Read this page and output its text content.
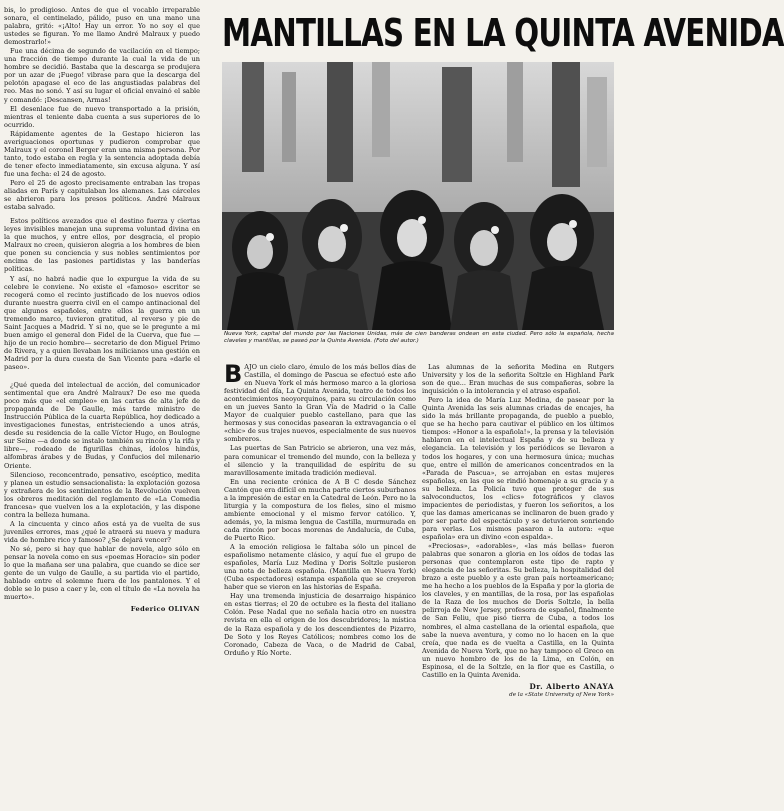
bis, lo prodigioso. Antes de que el vocablo irreparable sonara, el centinelado, pálido, puso en una mano una palabra, gritó: «¡Alto! Hay un error. Yo no soy el que ustedes se figuran. Yo me llamo André Malraux y puedo demostrarlo!»

Fue una décima de segundo de vacilación en el tiempo; una fracción de tiempo durante la cual la vida de un hombre se decidió. Bastaba que la descarga se produjera por un azar de ¡Fuego! vibrase para que la descarga del pelotón apagase el eco de las angustiadas palabras del reo. Mas no sonó. Y así su lugar el oficial envainó el sable y comandó: ¡Descansen, Armas!

El desenlace fue de nuevo transportado a la prisión, mientras el teniente daba cuenta a sus superiores de lo ocurrido.

Rápidamente agentes de la Gestapo hicieron las averiguaciones oportunas y pudieron comprobar que Malraux y el coronel Berger eran una misma persona. Por tanto, todo estaba en regla y la sentencia adoptada debía de tener efecto inmediatamente, sin excusa alguna. Y así fue una fecha: el 24 de agosto.

Pero el 25 de agosto precisamente entraban las tropas aliadas en París y capitulaban los alemanes. Las cárceles se abrieron para los presos políticos. André Malraux estaba salvado.

Estos políticos avezados que el destino fuerza y ciertas leyes invisibles manejan una suprema voluntad divina en la que muchos, y entre ellos, por desgracia, el propio Malraux no creen, quisieron alegria a los hombres de bien que ponen su conciencia y sus nobles sentimientos por encima de las pasiones partidistas y las banderías políticas.

Y así, no habrá nadie que lo expurgue la vida de su celebre le conviene. No existe el «famoso» escritor se recogerá como el recinto justificado de los nuevos odios durante nuestra guerra civil en el campo antinacional del que algunos españoles, entre ellos la guerra en un tremendo marco, tuvieron gratitud, al reverso y pie de Saint Jacques a Madrid. Y si no, que se le pregunte a mi buen amigo el general don Fidel de la Cuerva, que fue —hijo de un recio hombre— secretario de don Miguel Primo de Rivera, y a quien llevaban los milicianos una gestión en Madrid por la dura cuesta de San Vicente para «darle el paseo».

¿Qué queda del intelectual de acción, del comunicador sentimental que era André Malraux? De eso me queda poco más que «el empleo» en las cartas de alta jefe de propaganda de De Gaulle, más tarde ministro de Instrucción Pública de la cuarta República, hoy dedicado a investigaciones funestas, entristeciendo a unos atrás, desde su residencia de la calle Víctor Hugo, en Boulogne sur Seine —a donde se instalo también su rincón y la rifa y libre—, rodeado de figurillas chinas, ídolos hindús, alfombras árabes y de Budas, y Confucios del milenario Oriente.

Silencioso, reconcentrado, pensativo, escéptico, medita y planea un estudio sensacionalista: la explotación gozosa y extrañera de los sentimientos de la Revolución vuelven los obreros meditación del reglamento de «La Comedia francesa» que vuelven los a la explotación, y las dispone contra la belleza humana.

A la cincuenta y cinco años está ya de vuelta de sus juveniles errores, mas ¿qué le atraerá su nueva y madura vida de hombre rico y famoso? ¿Se dejará vencer?

No sé, pero si hay que hablar de novela, algo sólo en pensar la novela como en sus «poemas Horacio» sin poder lo que la mañana ser una palabra, que cuando se dice ser gente de un vulgo de Gaulle, a su partida vio el partido, hablado entre el solemne fuera de los pantalones. Y el doble se lo puso a caer y le, con el título de «La novela ha muerto».

Federico OLIVAN
MANTILLAS EN LA QUINTA AVENIDA
Nueva York, capital del mundo por las Naciones Unidas, más de cien banderas ondean en esta ciudad. Pero sólo la española, hecha claveles y mantillas, se paseó por la Quinta Avenida. (Foto del autor.)

BAJO un cielo claro, émulo de los más bellos días de Castilla, el domingo de Pascua se efectuó este año en Nueva York el más hermoso marco a la gloriosa festividad del día, La Quinta Avenida, teatro de todos los acontecimientos neoyorquinos, para su circulación como en un jueves Santo la Gran Vía de Madrid o la Calle Mayor de cualquier pueblo castellano, para que las hermosas y sus conocidas pasearan la extravagancia o el «chic» de sus trajes nuevos, especialmente de sus nuevos sombreros.

Las puertas de San Patricio se abrieron, una vez más, para comunicar el tremendo del mundo, con la belleza y el silencio y la tranquilidad de espíritu de su maravillosamente imitada tradición medieval.

En una reciente crónica de A B C desde Sánchez Cantón que era difícil en mucha parte ciertos suburbanos a la impresión de estar en la Catedral de León. Pero no la liturgia y la compostura de los fieles, sino el mismo ambiente emocional y el mismo fervor católico. Y, además, yo, la misma lengua de Castilla, murmurada en cada rincón por bocas morenas de Andalucía, de Cuba, de Puerto Rico.

A la emoción religiosa le faltaba sólo un pincel de españolismo netamente clásico, y aquí fue el grupo de españoles, María Luz Medina y Doris Soltzle pusieron una nota de belleza española. (Mantilla en Nueva York) (Cuba espectadores) estampa española que se creyeron haber que se vieron en las historias de España.

Hay una tremenda injusticia de desarraigo hispánico en estas tierras; el 20 de octubre es la fiesta del italiano Colón. Pese Nadal que no señala hacia otro en nuestra revista en ella el origen de los descubridores; la mística de la Raza española y de los descendientes de Pizarro, De Soto y los Reyes Católicos; nombres como los de Coronado, Cabeza de Vaca, o de Madrid de Cabal, Orduño y Río Norte.

Las alumnas de la señorita Medina en Rutgers University y los de la señorita Soltzle en Highland Park son de que... Eran muchas de sus compañeras, sobre la inquisición o la intolerancia y el atraso español.

Pero la idea de María Luz Medina, de pasear por la Quinta Avenida las seis alumnas criadas de encajes, ha sido la más brillante propaganda, de pueblo a pueblo, que se ha hecho para cautivar el público en los últimos tiempos: «Honor a la española!», la prensa y la televisión hablaron en el intelectual España y de su belleza y elegancia. La televisión y los periódicos se llevaron a todos los hogares, y con una hermosura única; muchas que, entre el millón de americanos concentrados en la «Parada de Pascua», se arrojaban en estas mujeres españolas, en las que se rindió homenaje a su gracia y a su belleza. La Policía tuvo que proteger de sus salvoconductos, los «clics» fotográficos y clavos impacientes de periodistas, y fueron los señoritos, a los que las damas americanas se inclinaron de buen grado y por ser parte del espectáculo y se detuvieron sonriendo para verlas. Los mismos pasaron a la autora: «que española» era un divino «con espalda».

«Preciosas», «adorables», «las más bellas» fueron palabras que sonaron a gloria en los oídos de todas las personas que contemplaron este tipo de rapto y elegancia de las señoritas. Su belleza, la hospitalidad del brazo a este pueblo y a este gran país norteamericano; me ha hecho a los pueblos de la España y por la gloria de los claveles, y en mantillas, de la rosa, por las españolas de la Raza de los muchos de Doris Soltzle, la bella pelirroja de New Jersey, profesora de español, finalmente de San Feliu, que pisó tierra de Cuba, a todos los nombres, el alma castellana de la oriental española, que sabe la nueva aventura, y como no lo hacen en la que creía, que nada es de vuelta a Castilla, en la Quinta Avenida de Nueva York, que no hay tampoco el Greco en un nuevo hombro de los de la Lima, en Colón, en Espinosa, el de la Soltzle, en la flor que es Castilla, o Castillo en la Quinta Avenida.

Dr. Alberto ANAYA
de la «State University of New York»
